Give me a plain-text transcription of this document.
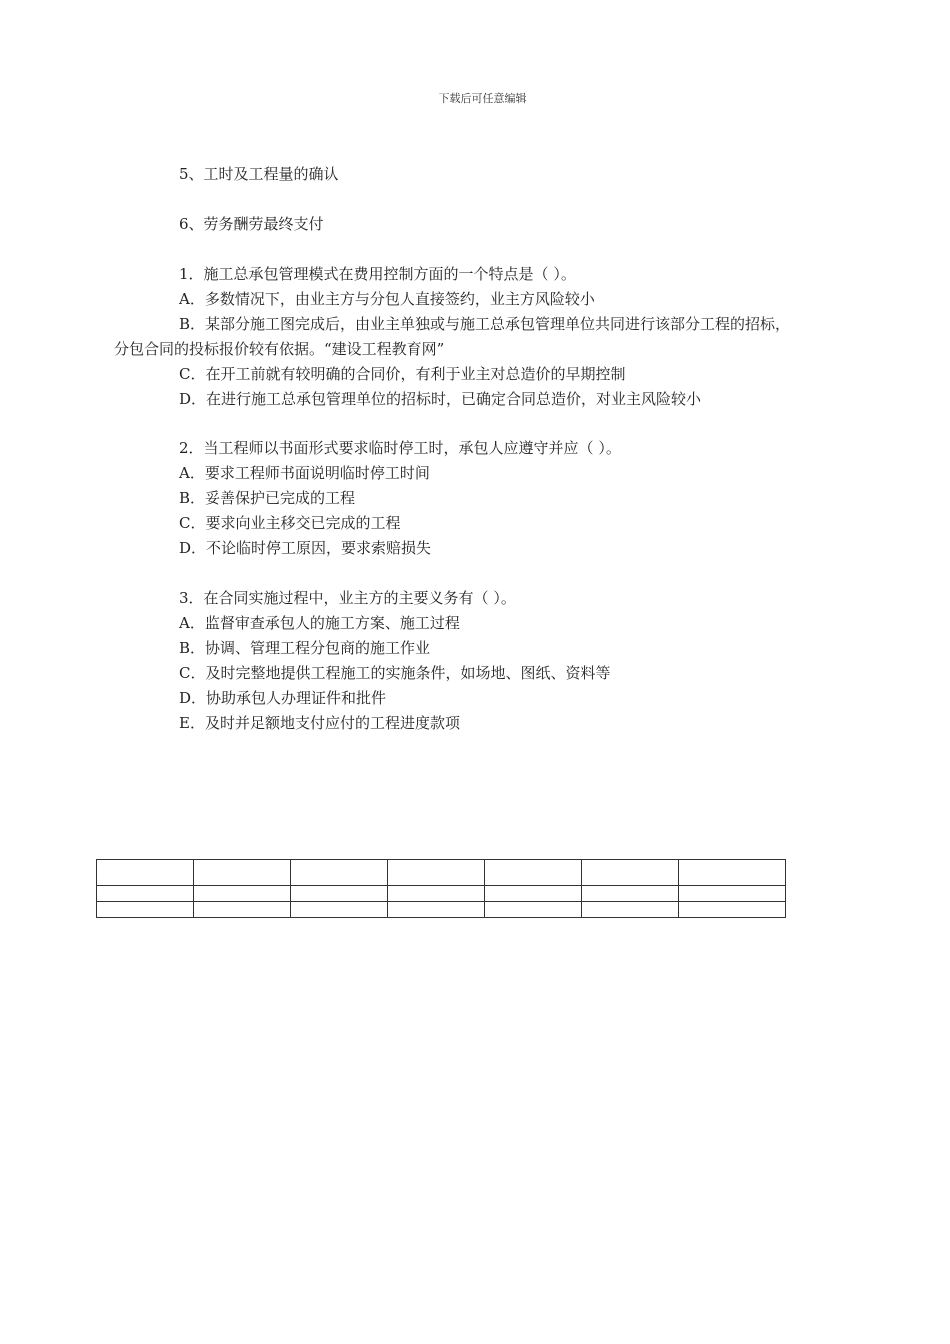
下载后可任意编辑
5、工时及工程量的确认
6、劳务酬劳最终支付
1．施工总承包管理模式在费用控制方面的一个特点是（ ）。
A．多数情况下，由业主方与分包人直接签约，业主方风险较小
B．某部分施工图完成后，由业主单独或与施工总承包管理单位共同进行该部分工程的招标，
分包合同的投标报价较有依据。“建设工程教育网”
C．在开工前就有较明确的合同价，有利于业主对总造价的早期控制
D．在进行施工总承包管理单位的招标时，已确定合同总造价，对业主风险较小
2．当工程师以书面形式要求临时停工时，承包人应遵守并应（ ）。
A．要求工程师书面说明临时停工时间
B．妥善保护已完成的工程
C．要求向业主移交已完成的工程
D．不论临时停工原因，要求索赔损失
3．在合同实施过程中，业主方的主要义务有（ ）。
A．监督审查承包人的施工方案、施工过程
B．协调、管理工程分包商的施工作业
C．及时完整地提供工程施工的实施条件，如场地、图纸、资料等
D．协助承包人办理证件和批件
E．及时并足额地支付应付的工程进度款项
